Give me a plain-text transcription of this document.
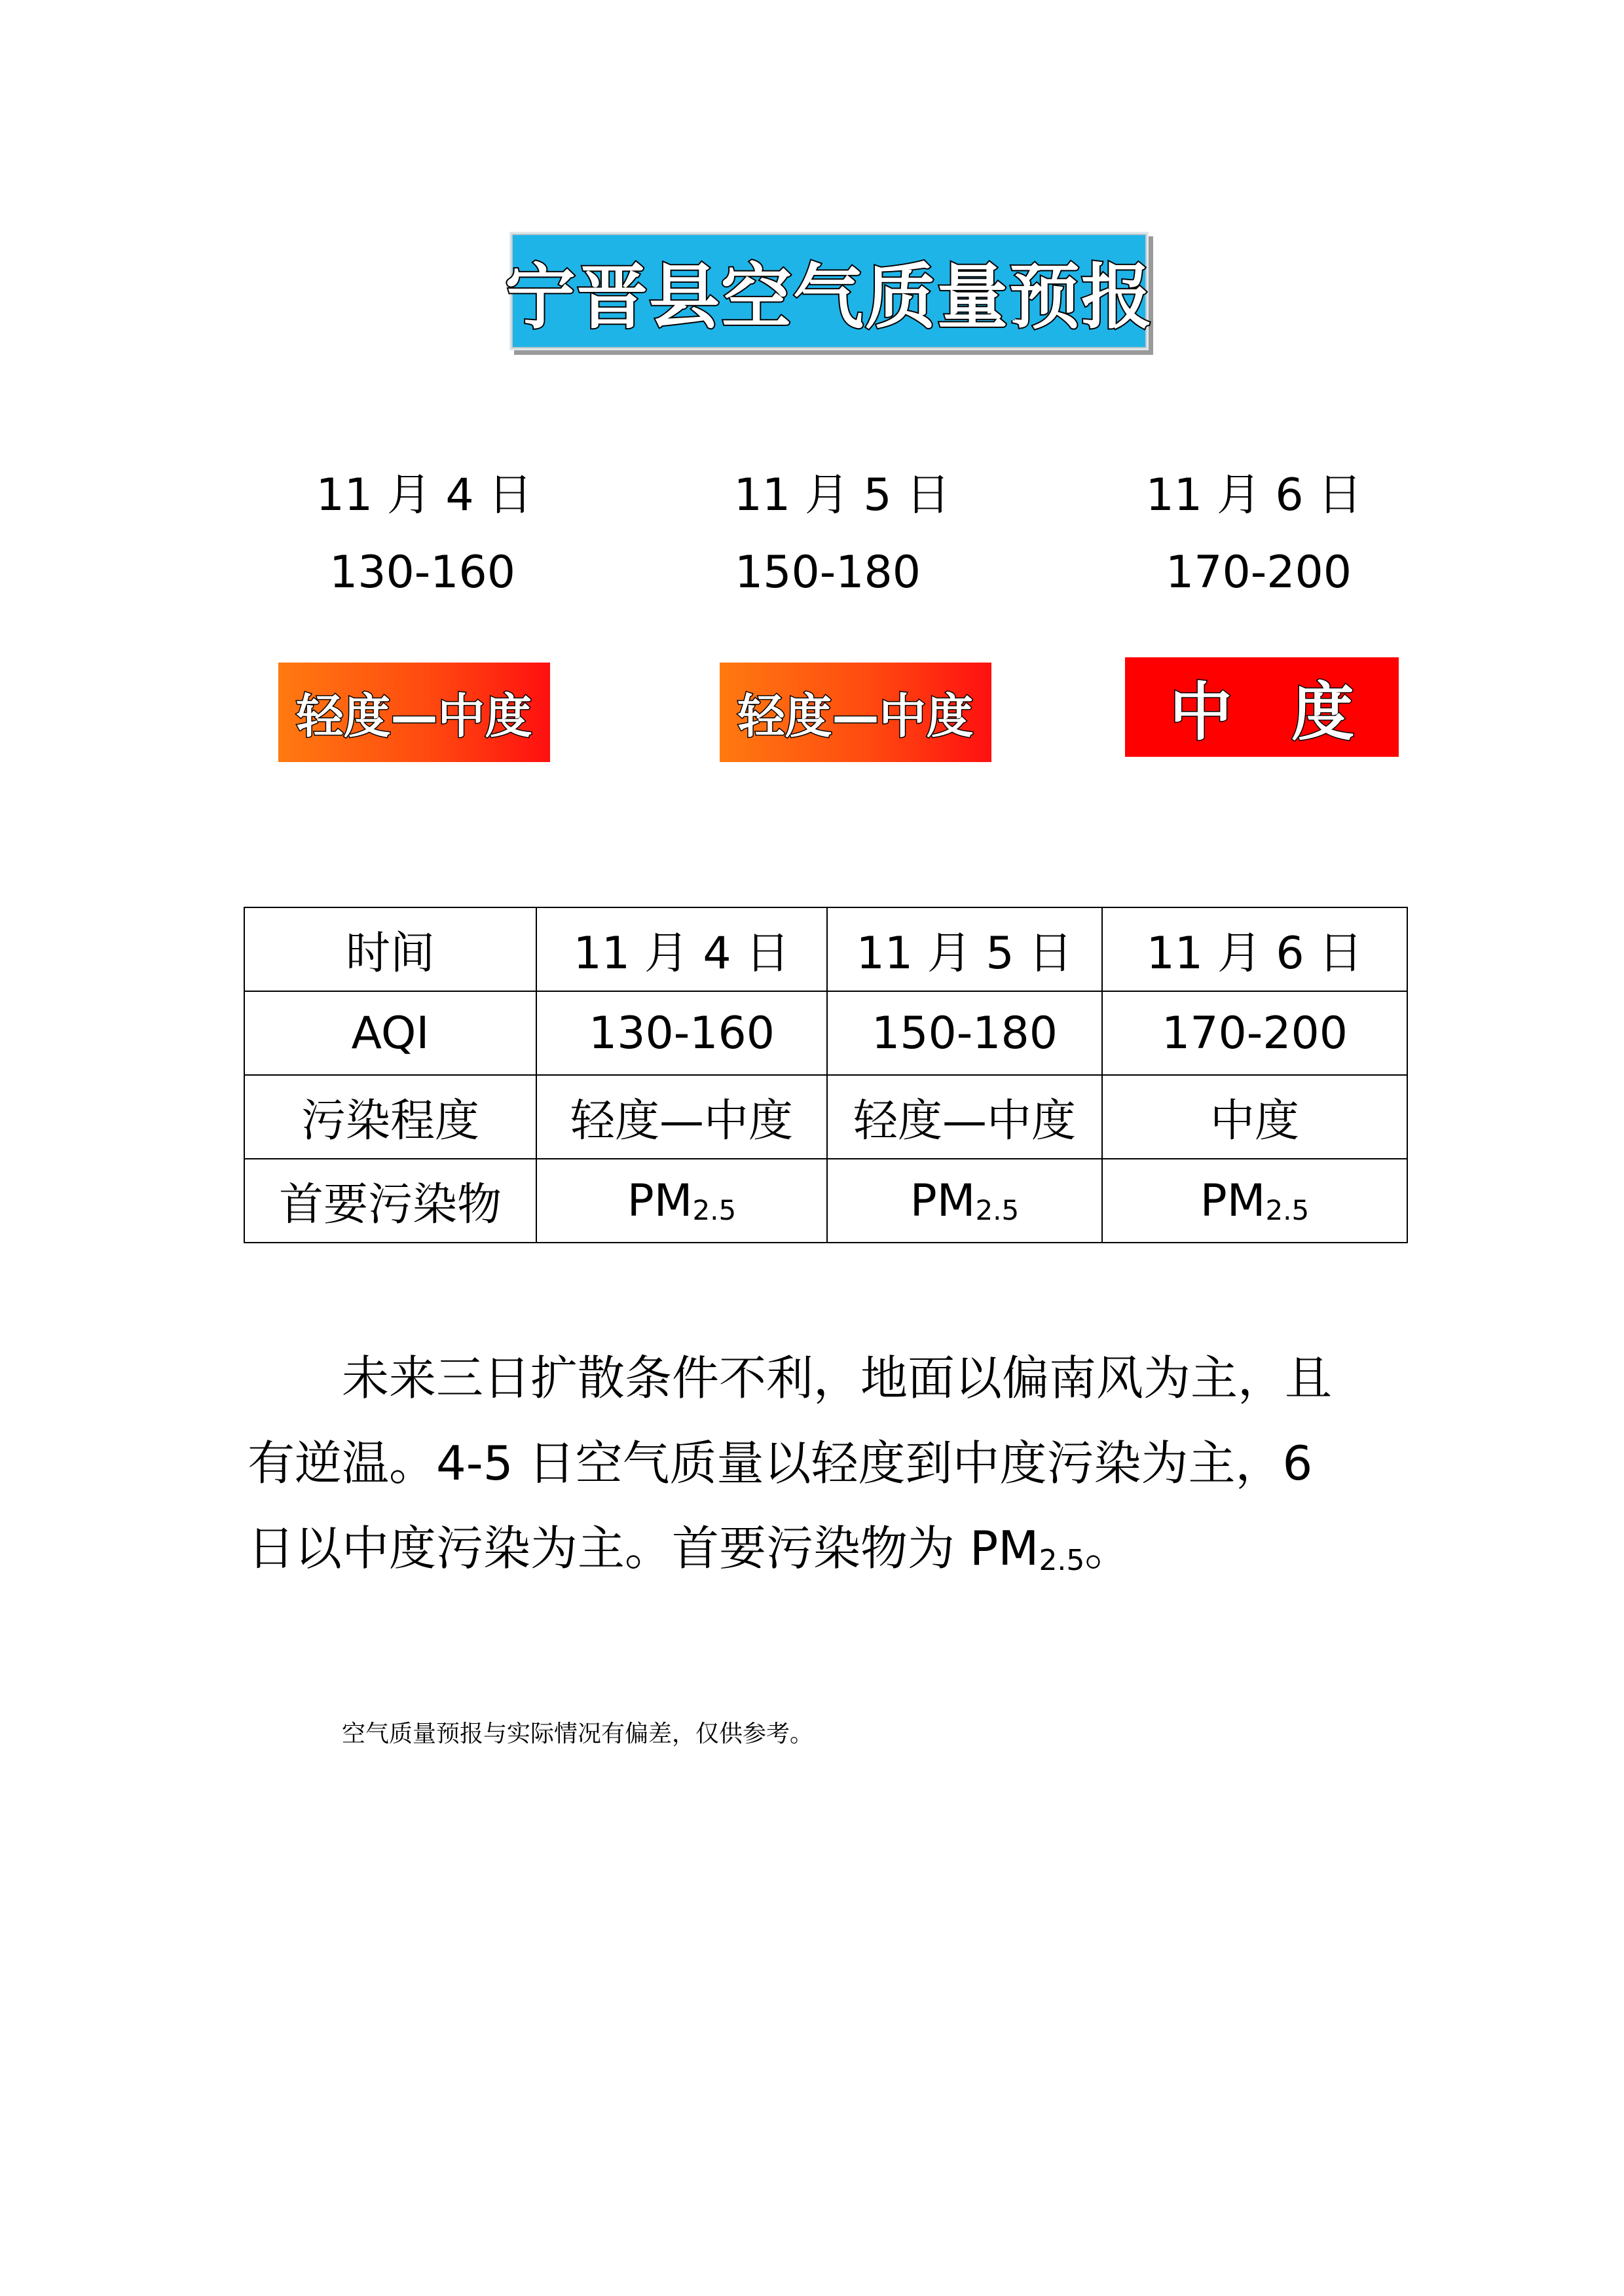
宁晋县空气质量预报
11 月 4 日	11 月 5 日	11 月 6 日
130-160	150-180	170-200
轻度—中度	轻度—中度	中度
时间	11 月 4 日	11 月 5 日	11 月 6 日
AQI	130-160	150-180	170-200
污染程度	轻度—中度	轻度—中度	中度
首要污染物	PM2.5	PM2.5	PM2.5

未来三日扩散条件不利，地面以偏南风为主，且有逆温。4-5 日空气质量以轻度到中度污染为主，6 日以中度污染为主。首要污染物为 PM2.5。

空气质量预报与实际情况有偏差，仅供参考。
